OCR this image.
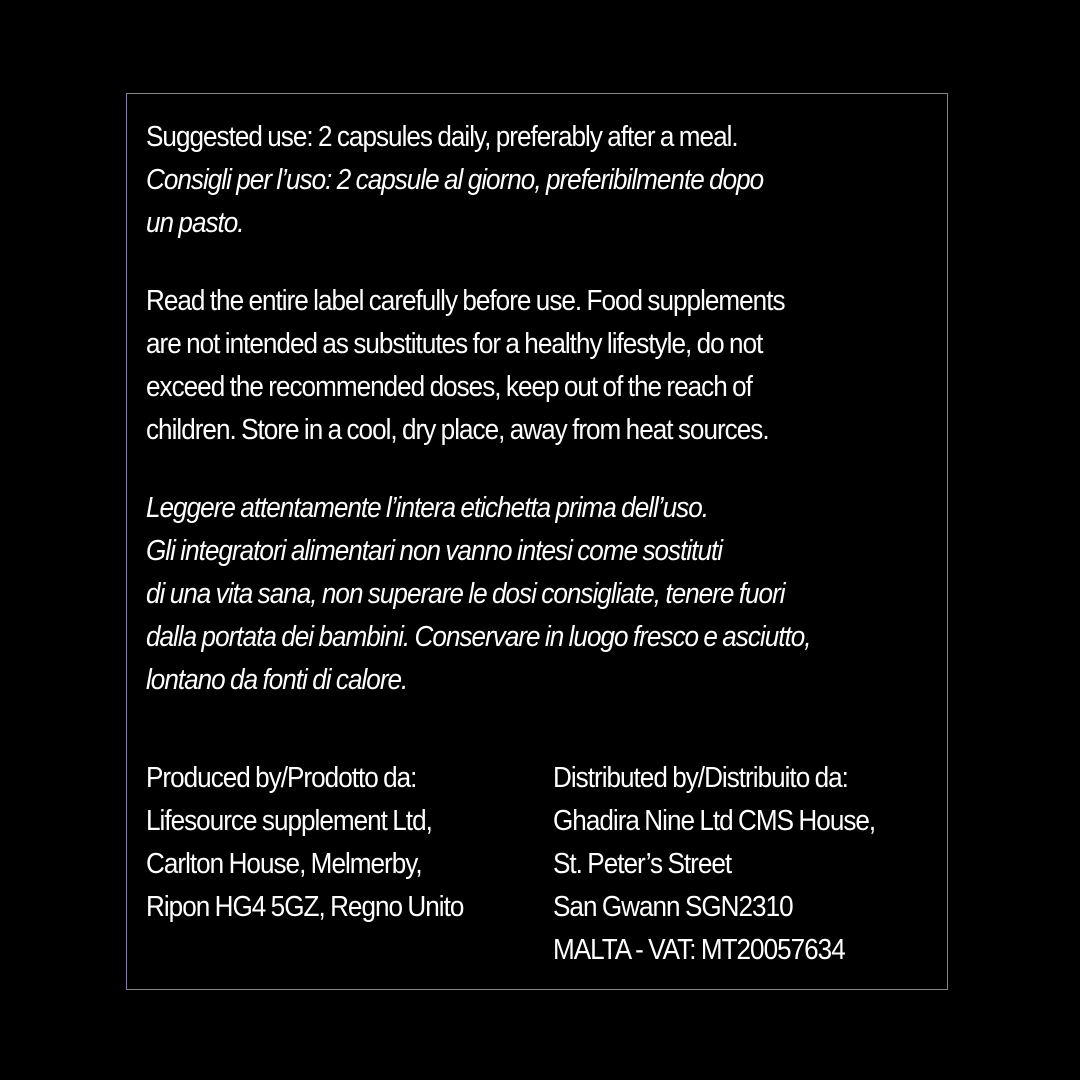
Suggested use: 2 capsules daily, preferably after a meal.
Consigli per l’uso: 2 capsule al giorno, preferibilmente dopo
un pasto.

Read the entire label carefully before use. Food supplements
are not intended as substitutes for a healthy lifestyle, do not
exceed the recommended doses, keep out of the reach of
children. Store in a cool, dry place, away from heat sources.

Leggere attentamente l’intera etichetta prima dell’uso.
Gli integratori alimentari non vanno intesi come sostituti
di una vita sana, non superare le dosi consigliate, tenere fuori
dalla portata dei bambini. Conservare in luogo fresco e asciutto,
lontano da fonti di calore.

Produced by/Prodotto da:
Lifesource supplement Ltd,
Carlton House, Melmerby,
Ripon HG4 5GZ, Regno Unito

Distributed by/Distribuito da:
Ghadira Nine Ltd CMS House,
St. Peter’s Street
San Gwann SGN2310
MALTA - VAT: MT20057634
